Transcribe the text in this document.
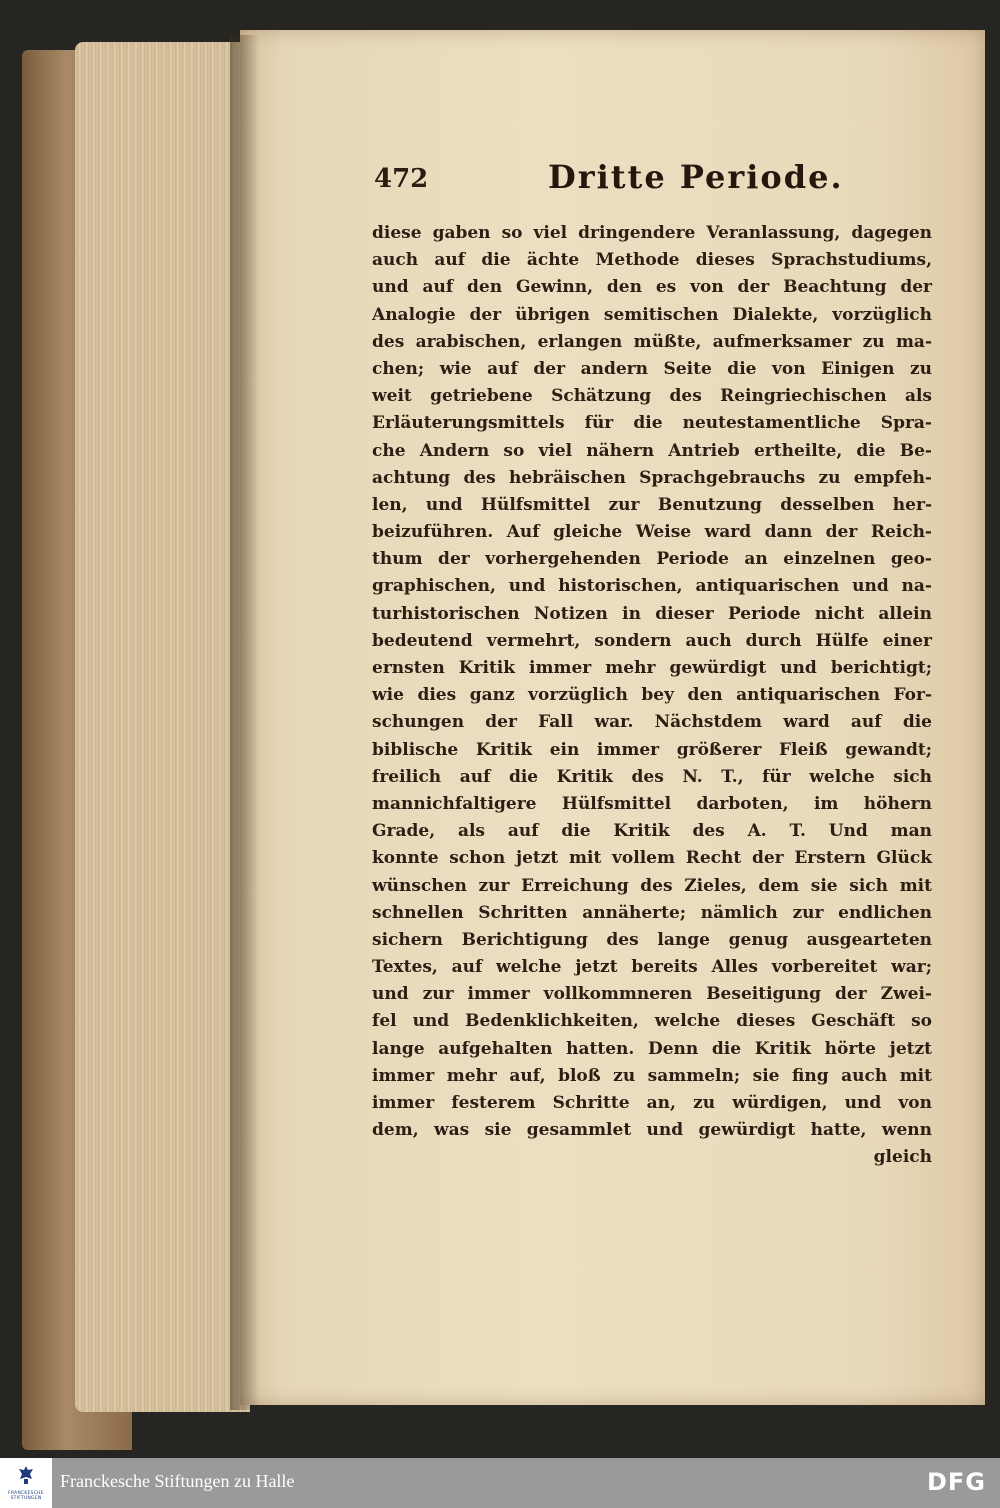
472	Dritte Periode.
diese gaben so viel dringendere Veranlassung, dagegen
auch auf die ächte Methode dieses Sprachstudiums,
und auf den Gewinn, den es von der Beachtung der
Analogie der übrigen semitischen Dialekte, vorzüglich
des arabischen, erlangen müßte, aufmerksamer zu ma-
chen; wie auf der andern Seite die von Einigen zu
weit getriebene Schätzung des Reingriechischen als
Erläuterungsmittels für die neutestamentliche Spra-
che Andern so viel nähern Antrieb ertheilte, die Be-
achtung des hebräischen Sprachgebrauchs zu empfeh-
len, und Hülfsmittel zur Benutzung desselben her-
beizuführen. Auf gleiche Weise ward dann der Reich-
thum der vorhergehenden Periode an einzelnen geo-
graphischen, und historischen, antiquarischen und na-
turhistorischen Notizen in dieser Periode nicht allein
bedeutend vermehrt, sondern auch durch Hülfe einer
ernsten Kritik immer mehr gewürdigt und berichtigt;
wie dies ganz vorzüglich bey den antiquarischen For-
schungen der Fall war. Nächstdem ward auf die
biblische Kritik ein immer größerer Fleiß gewandt;
freilich auf die Kritik des N. T., für welche sich
mannichfaltigere Hülfsmittel darboten, im höhern
Grade, als auf die Kritik des A. T. Und man
konnte schon jetzt mit vollem Recht der Erstern Glück
wünschen zur Erreichung des Zieles, dem sie sich mit
schnellen Schritten annäherte; nämlich zur endlichen
sichern Berichtigung des lange genug ausgearteten
Textes, auf welche jetzt bereits Alles vorbereitet war;
und zur immer vollkommneren Beseitigung der Zwei-
fel und Bedenklichkeiten, welche dieses Geschäft so
lange aufgehalten hatten. Denn die Kritik hörte jetzt
immer mehr auf, bloß zu sammeln; sie fing auch mit
immer festerem Schritte an, zu würdigen, und von
dem, was sie gesammlet und gewürdigt hatte, wenn
gleich
FRANCKESCHE STIFTUNGEN
Franckesche Stiftungen zu Halle	DFG
